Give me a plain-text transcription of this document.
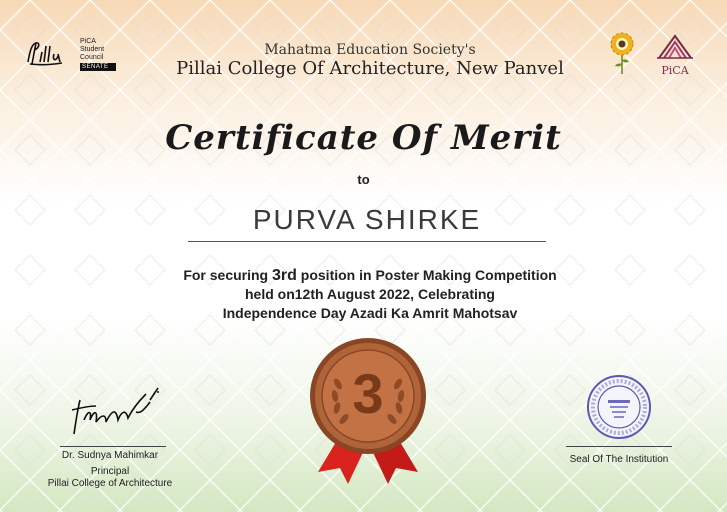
PiCA
Student
Council
SENATE
Mahatma Education Society's
Pillai College Of Architecture, New Panvel	PiCA
Certificate Of Merit
to
PURVA SHIRKE
For securing 3rd position in Poster Making Competition
held on12th August 2022, Celebrating
Independence Day Azadi Ka Amrit Mahotsav
3
Dr. Sudnya Mahimkar
Principal
Pillai College of Architecture
Seal Of The Institution
